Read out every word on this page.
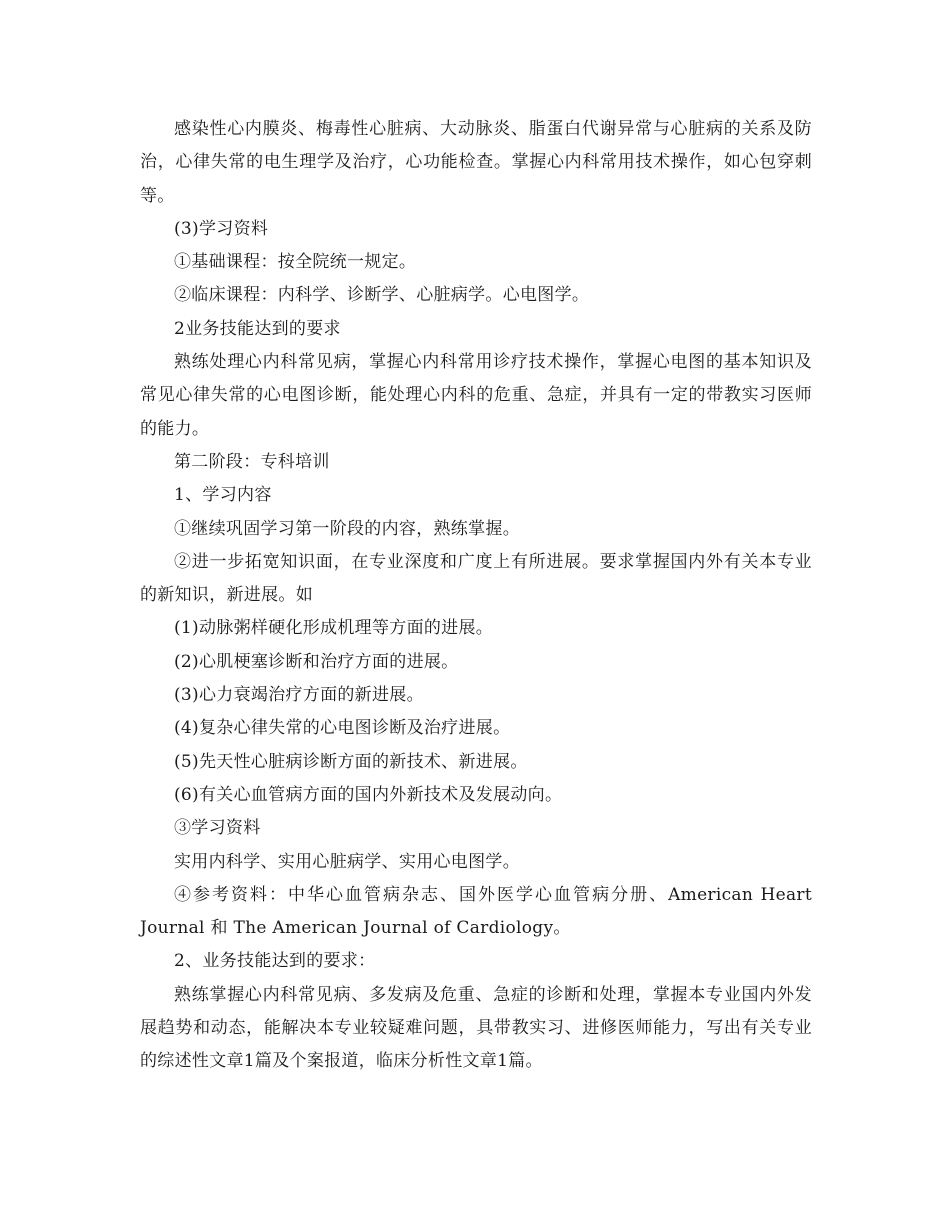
感染性心内膜炎、梅毒性心脏病、大动脉炎、脂蛋白代谢异常与心脏病的关系及防治，心律失常的电生理学及治疗，心功能检查。掌握心内科常用技术操作，如心包穿刺等。

(3)学习资料

①基础课程：按全院统一规定。

②临床课程：内科学、诊断学、心脏病学。心电图学。

2业务技能达到的要求

熟练处理心内科常见病，掌握心内科常用诊疗技术操作，掌握心电图的基本知识及常见心律失常的心电图诊断，能处理心内科的危重、急症，并具有一定的带教实习医师的能力。

第二阶段：专科培训

1、学习内容

①继续巩固学习第一阶段的内容，熟练掌握。

②进一步拓宽知识面，在专业深度和广度上有所进展。要求掌握国内外有关本专业的新知识，新进展。如

(1)动脉粥样硬化形成机理等方面的进展。

(2)心肌梗塞诊断和治疗方面的进展。

(3)心力衰竭治疗方面的新进展。

(4)复杂心律失常的心电图诊断及治疗进展。

(5)先天性心脏病诊断方面的新技术、新进展。

(6)有关心血管病方面的国内外新技术及发展动向。

③学习资料

实用内科学、实用心脏病学、实用心电图学。

④参考资料：中华心血管病杂志、国外医学心血管病分册、American Heart Journal 和 The American Journal of Cardiology。

2、业务技能达到的要求：

熟练掌握心内科常见病、多发病及危重、急症的诊断和处理，掌握本专业国内外发展趋势和动态，能解决本专业较疑难问题，具带教实习、进修医师能力，写出有关专业的综述性文章1篇及个案报道，临床分析性文章1篇。
